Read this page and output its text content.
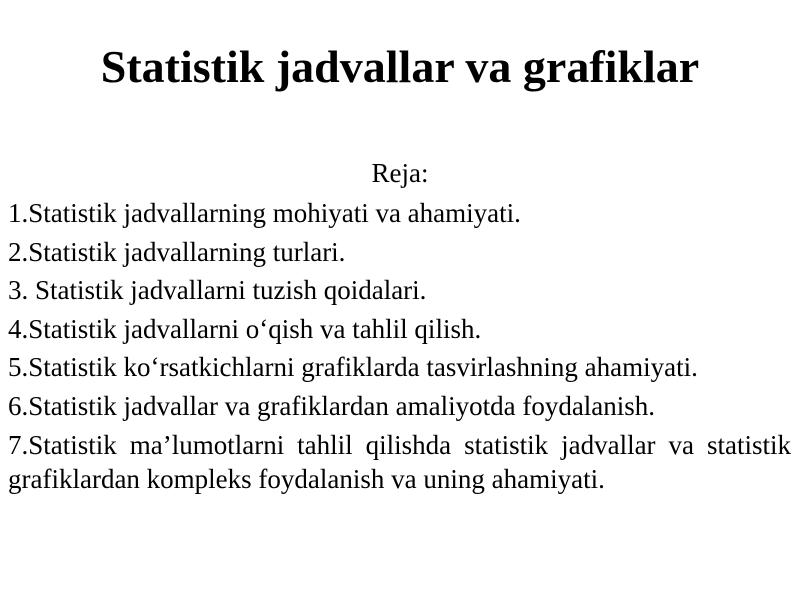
Statistik jadvallar va grafiklar
Reja:
1.Statistik jadvallarning mohiyati va ahamiyati.
2.Statistik jadvallarning turlari.
3. Statistik jadvallarni tuzish qoidalari.
4.Statistik jadvallarni o‘qish va tahlil qilish.
5.Statistik ko‘rsatkichlarni grafiklarda tasvirlashning ahamiyati.
6.Statistik jadvallar va grafiklardan amaliyotda foydalanish.
7.Statistik ma’lumotlarni tahlil qilishda statistik jadvallar va statistik grafiklardan kompleks foydalanish va uning ahamiyati.
